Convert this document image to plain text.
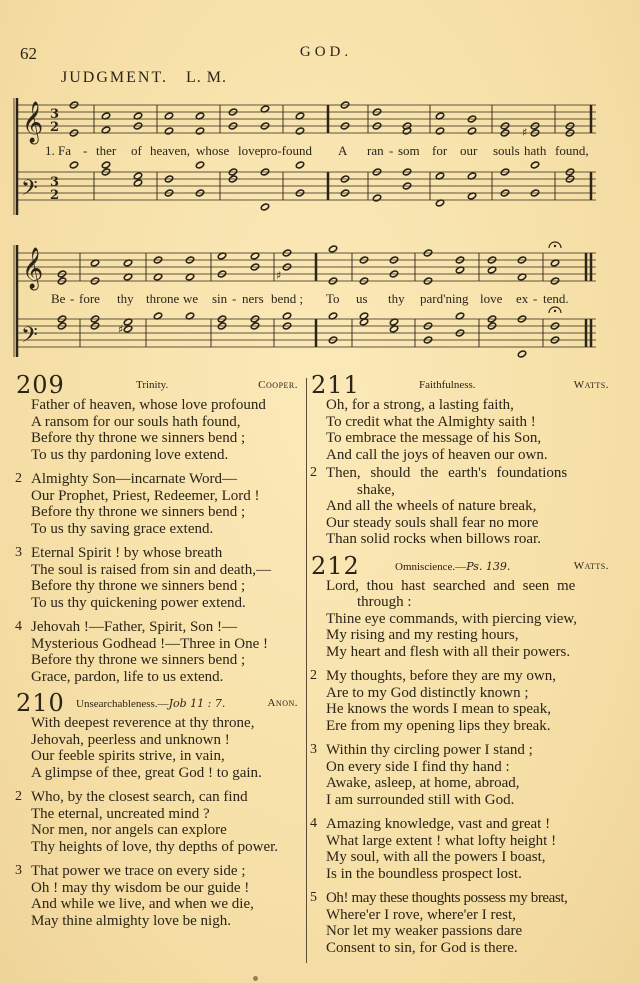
62	GOD.
JUDGMENT. L. M.
𝄞
𝄢
𝄞
𝄢
3
2
3
2
♯
♯
♯
1. Fa - ther of heaven, whose love pro-found A ran - som for our souls hath found,
Be - fore thy throne we sin - ners bend ; To us thy pard'ning love ex - tend.
209	Trinity.	Cooper.
Father of heaven, whose love profound
A ransom for our souls hath found,
Before thy throne we sinners bend ;
To us thy pardoning love extend.
2 Almighty Son—incarnate Word—
Our Prophet, Priest, Redeemer, Lord !
Before thy throne we sinners bend ;
To us thy saving grace extend.
3 Eternal Spirit ! by whose breath
The soul is raised from sin and death,—
Before thy throne we sinners bend ;
To us thy quickening power extend.
4 Jehovah !—Father, Spirit, Son !—
Mysterious Godhead !—Three in One !
Before thy throne we sinners bend ;
Grace, pardon, life to us extend.
210 Unsearchableness.—Job 11 : 7.	Anon.
With deepest reverence at thy throne,
Jehovah, peerless and unknown !
Our feeble spirits strive, in vain,
A glimpse of thee, great God ! to gain.
2 Who, by the closest search, can find
The eternal, uncreated mind ?
Nor men, nor angels can explore
Thy heights of love, thy depths of power.
3 That power we trace on every side ;
Oh ! may thy wisdom be our guide !
And while we live, and when we die,
May thine almighty love be nigh.
211	Faithfulness.	Watts.
Oh, for a strong, a lasting faith,
To credit what the Almighty saith !
To embrace the message of his Son,
And call the joys of heaven our own.
2 Then, should the earth's foundations
shake,
And all the wheels of nature break,
Our steady souls shall fear no more
Than solid rocks when billows roar.
212	Omniscience.—Ps. 139.	Watts.
Lord, thou hast searched and seen me
through :
Thine eye commands, with piercing view,
My rising and my resting hours,
My heart and flesh with all their powers.
2 My thoughts, before they are my own,
Are to my God distinctly known ;
He knows the words I mean to speak,
Ere from my opening lips they break.
3 Within thy circling power I stand ;
On every side I find thy hand :
Awake, asleep, at home, abroad,
I am surrounded still with God.
4 Amazing knowledge, vast and great !
What large extent ! what lofty height !
My soul, with all the powers I boast,
Is in the boundless prospect lost.
5 Oh! may these thoughts possess my breast,
Where'er I rove, where'er I rest,
Nor let my weaker passions dare
Consent to sin, for God is there.
